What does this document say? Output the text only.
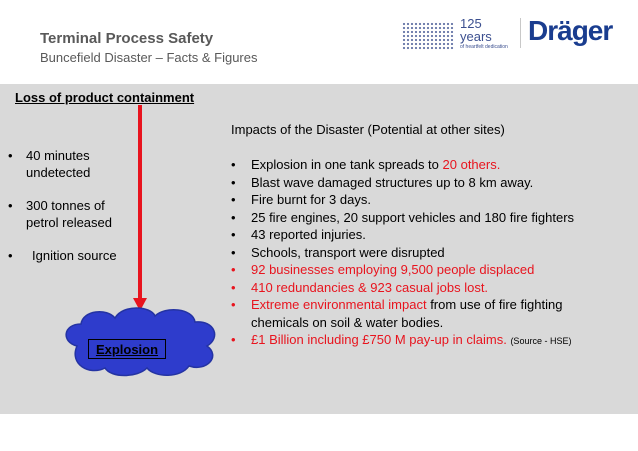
Terminal Process Safety
Buncefield Disaster – Facts & Figures
125
years
of heartfelt dedication
Dräger
Loss of product containment
• 40 minutes
undetected
• 300 tonnes of
petrol released
• Ignition source
Explosion
Impacts of the Disaster (Potential at other sites)
• Explosion in one tank spreads to 20 others.
• Blast wave damaged structures up to 8 km away.
• Fire burnt for 3 days.
• 25 fire engines, 20 support vehicles and 180 fire fighters
• 43 reported injuries.
• Schools, transport were disrupted
• 92 businesses employing 9,500 people displaced
• 410 redundancies & 923 casual jobs lost.
• Extreme environmental impact from use of fire fighting
chemicals on soil & water bodies.
• £1 Billion including £750 M pay-up in claims. (Source - HSE)
